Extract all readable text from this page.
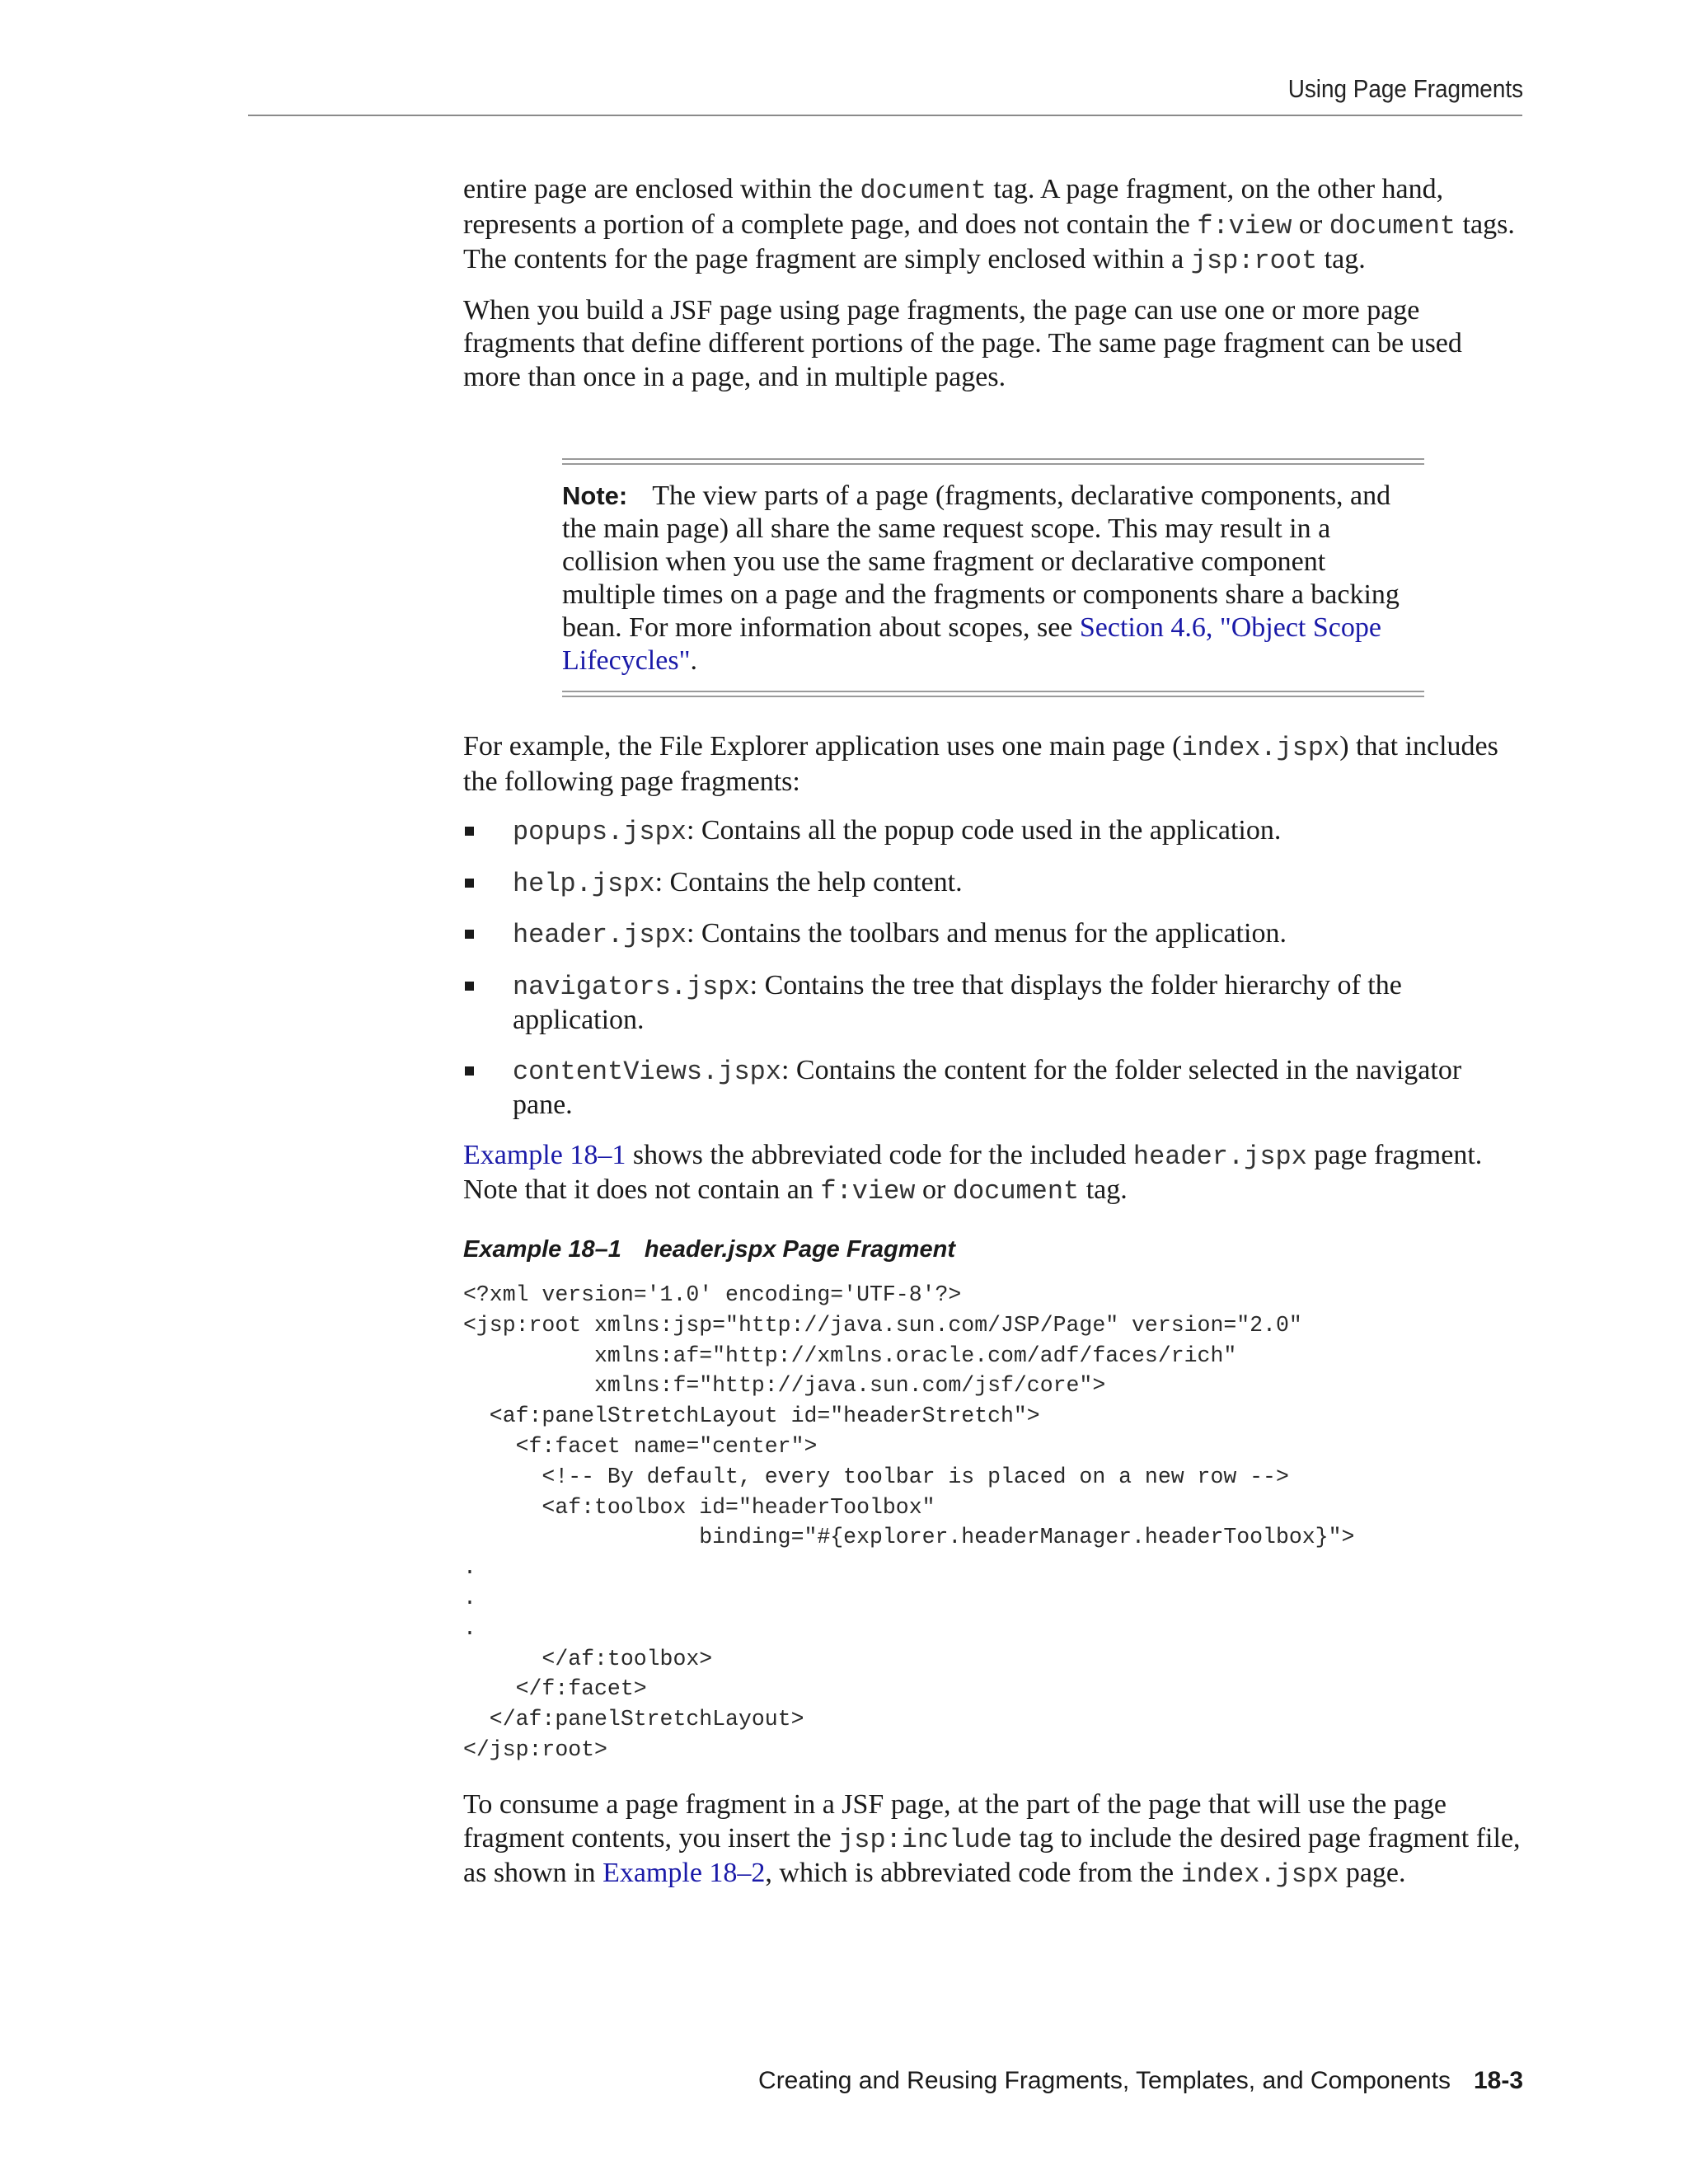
Using Page Fragments

entire page are enclosed within the document tag. A page fragment, on the other hand, represents a portion of a complete page, and does not contain the f:view or document tags. The contents for the page fragment are simply enclosed within a jsp:root tag.

When you build a JSF page using page fragments, the page can use one or more page fragments that define different portions of the page. The same page fragment can be used more than once in a page, and in multiple pages.

Note: The view parts of a page (fragments, declarative components, and the main page) all share the same request scope. This may result in a collision when you use the same fragment or declarative component multiple times on a page and the fragments or components share a backing bean. For more information about scopes, see Section 4.6, "Object Scope Lifecycles".

For example, the File Explorer application uses one main page (index.jspx) that includes the following page fragments:

popups.jspx: Contains all the popup code used in the application.
help.jspx: Contains the help content.
header.jspx: Contains the toolbars and menus for the application.
navigators.jspx: Contains the tree that displays the folder hierarchy of the application.
contentViews.jspx: Contains the content for the folder selected in the navigator pane.

Example 18–1 shows the abbreviated code for the included header.jspx page fragment. Note that it does not contain an f:view or document tag.

Example 18–1 header.jspx Page Fragment
<?xml version='1.0' encoding='UTF-8'?>
<jsp:root xmlns:jsp="http://java.sun.com/JSP/Page" version="2.0"
xmlns:af="http://xmlns.oracle.com/adf/faces/rich"
xmlns:f="http://java.sun.com/jsf/core">
<af:panelStretchLayout id="headerStretch">
<f:facet name="center">
<!-- By default, every toolbar is placed on a new row -->
<af:toolbox id="headerToolbox"
binding="#{explorer.headerManager.headerToolbox}">
.
.
.
</af:toolbox>
</f:facet>
</af:panelStretchLayout>
</jsp:root>

To consume a page fragment in a JSF page, at the part of the page that will use the page fragment contents, you insert the jsp:include tag to include the desired page fragment file, as shown in Example 18–2, which is abbreviated code from the index.jspx page.

Creating and Reusing Fragments, Templates, and Components 18-3
